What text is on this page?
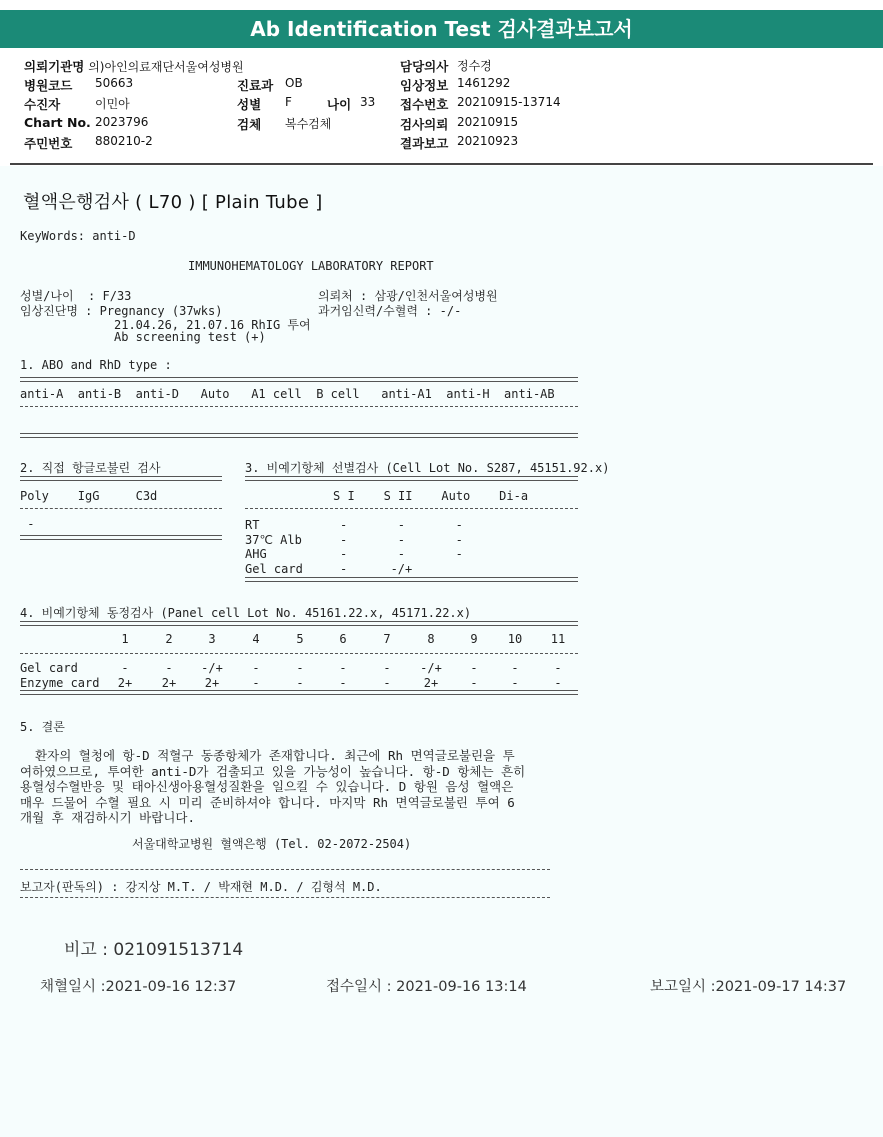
Ab Identification Test 검사결과보고서
의뢰기관명 의)아인의료재단서울여성병원
병원코드 50663
수진자	이민아
Chart No. 2023796
주민번호 880210-2
진료과 OB
성별 F	나이 33
검체 복수검체
담당의사 정수경
임상정보 1461292
접수번호 20210915-13714
검사의뢰 20210915
결과보고 20210923
혈액은행검사 ( L70 ) [ Plain Tube ]
KeyWords: anti-D
IMMUNOHEMATOLOGY LABORATORY REPORT
성별/나이  : F/33	의뢰처 : 삼광/인천서울여성병원
임상진단명 : Pregnancy (37wks)	과거임신력/수혈력 : -/-
21.04.26, 21.07.16 RhIG 투여
Ab screening test (+)
1. ABO and RhD type :
anti-A  anti-B  anti-D   Auto   A1 cell  B cell   anti-A1  anti-H  anti-AB
2. 직접 항글로불린 검사
Poly    IgG     C3d
-
3. 비예기항체 선별검사 (Cell Lot No. S287, 45151.92.x)
S I    S II    Auto    Di-a
RT	-       -       -
37℃ Alb	-       -       -
AHG	-       -       -
Gel card	-      -/+
4. 비예기항체 동정검사 (Panel cell Lot No. 45161.22.x, 45171.22.x)
1	2	3	4	5	6	7	8	9	10 11
Gel card	-	- -/+ -	-	-	- -/+ -	-	-
Enzyme card 2+ 2+ 2+	-	-	-	-	2+	-	-	-
5. 결론
환자의 혈청에 항-D 적혈구 동종항체가 존재합니다. 최근에 Rh 면역글로불린을 투
여하였으므로, 투여한 anti-D가 검출되고 있을 가능성이 높습니다. 항-D 항체는 흔히
용혈성수혈반응 및 태아신생아용혈성질환을 일으킬 수 있습니다. D 항원 음성 혈액은
매우 드물어 수혈 필요 시 미리 준비하셔야 합니다. 마지막 Rh 면역글로불린 투여 6
개월 후 재검하시기 바랍니다.
서울대학교병원 혈액은행 (Tel. 02-2072-2504)
보고자(판독의) : 강지상 M.T. / 박재현 M.D. / 김형석 M.D.
비고 : 021091513714
채혈일시 :2021-09-16 12:37	접수일시 : 2021-09-16 13:14	보고일시 :2021-09-17 14:37
